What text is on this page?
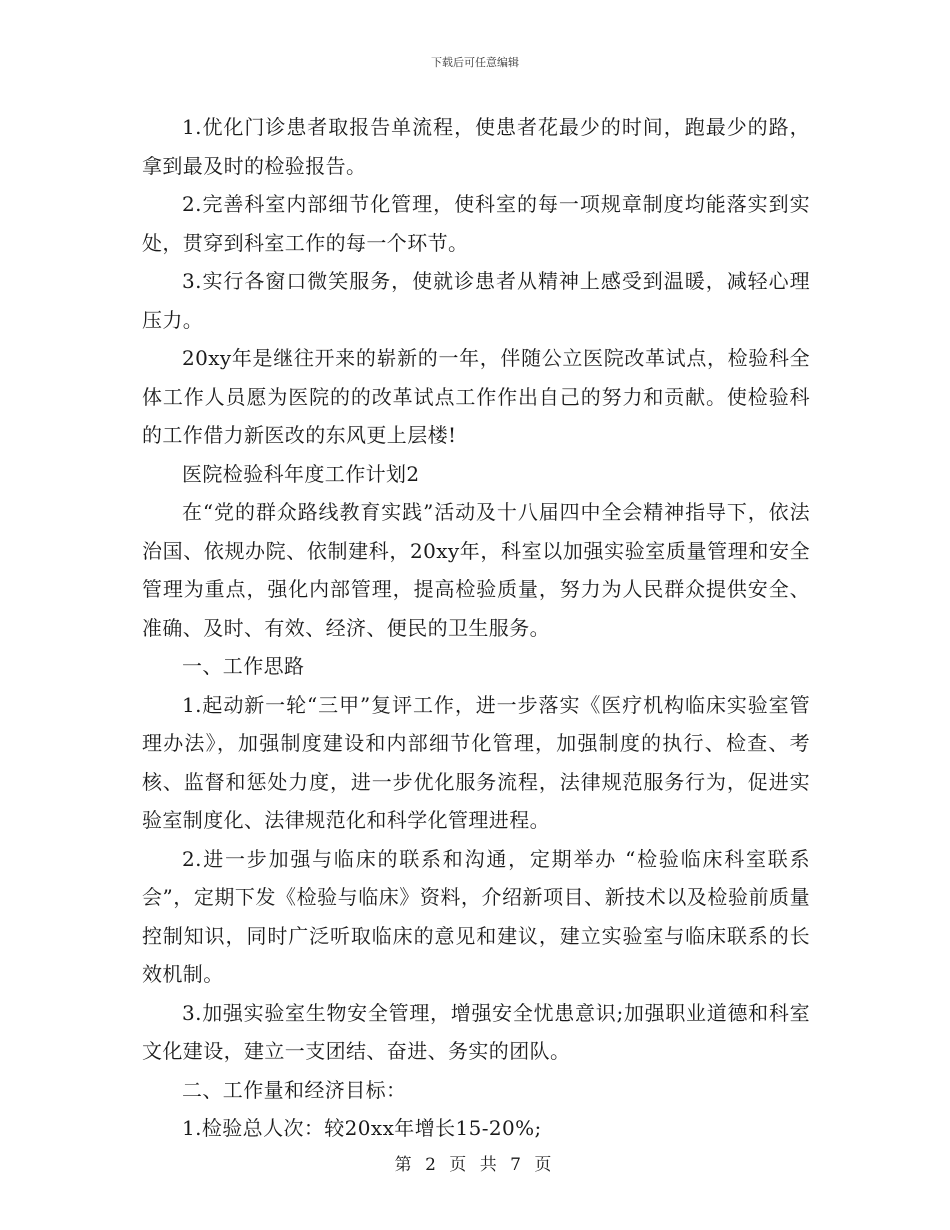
下载后可任意编辑

1.优化门诊患者取报告单流程，使患者花最少的时间，跑最少的路，拿到最及时的检验报告。

2.完善科室内部细节化管理，使科室的每一项规章制度均能落实到实处，贯穿到科室工作的每一个环节。

3.实行各窗口微笑服务，使就诊患者从精神上感受到温暖，减轻心理压力。

20xy年是继往开来的崭新的一年，伴随公立医院改革试点，检验科全体工作人员愿为医院的的改革试点工作作出自己的努力和贡献。使检验科的工作借力新医改的东风更上层楼!

医院检验科年度工作计划2

在“党的群众路线教育实践”活动及十八届四中全会精神指导下，依法治国、依规办院、依制建科，20xy年，科室以加强实验室质量管理和安全管理为重点，强化内部管理，提高检验质量，努力为人民群众提供安全、准确、及时、有效、经济、便民的卫生服务。

一、工作思路

1.起动新一轮“三甲”复评工作，进一步落实《医疗机构临床实验室管理办法》，加强制度建设和内部细节化管理，加强制度的执行、检查、考核、监督和惩处力度，进一步优化服务流程，法律规范服务行为，促进实验室制度化、法律规范化和科学化管理进程。

2.进一步加强与临床的联系和沟通，定期举办 “检验临床科室联系会”，定期下发《检验与临床》资料，介绍新项目、新技术以及检验前质量控制知识，同时广泛听取临床的意见和建议，建立实验室与临床联系的长效机制。

3.加强实验室生物安全管理，增强安全忧患意识;加强职业道德和科室文化建设，建立一支团结、奋进、务实的团队。

二、工作量和经济目标：

1.检验总人次：较20xx年增长15-20%;

第 2 页 共 7 页
